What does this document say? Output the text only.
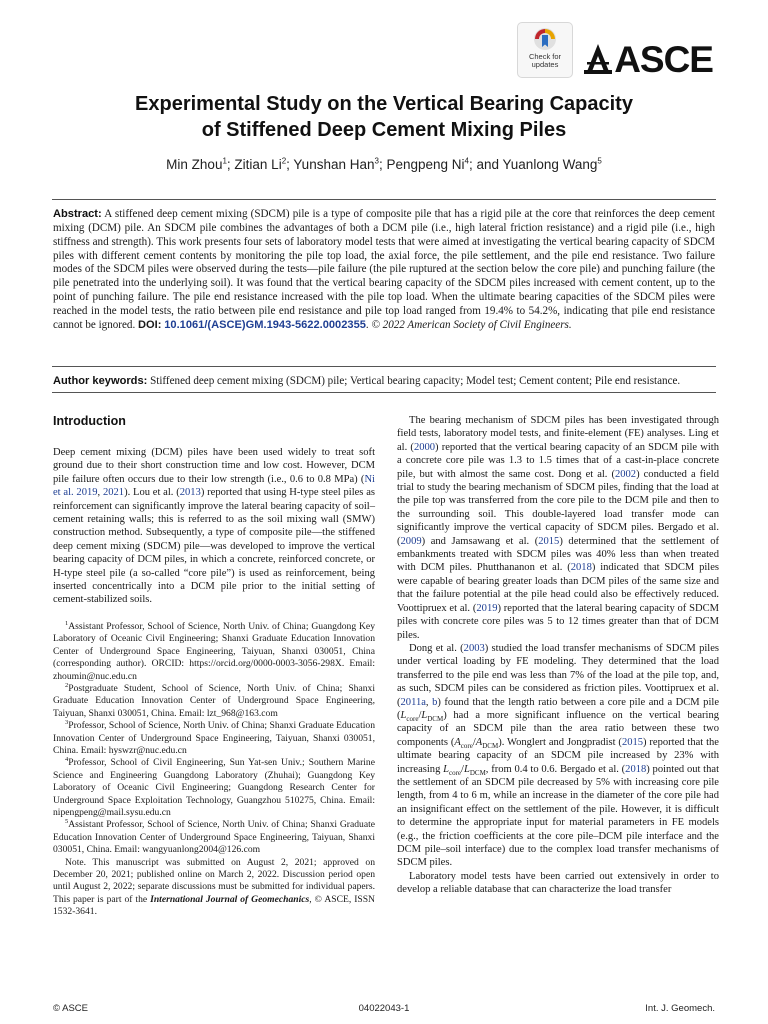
Check for
updates	ASCE
Experimental Study on the Vertical Bearing Capacity
of Stiffened Deep Cement Mixing Piles
Min Zhou$^1$; Zitian Li$^2$; Yunshan Han$^3$; Pengpeng Ni$^4$; and Yuanlong Wang$^5$

Abstract: A stiffened deep cement mixing (SDCM) pile is a type of composite pile that has a rigid pile at the core that reinforces the deep cement mixing (DCM) pile. An SDCM pile combines the advantages of both a DCM pile (i.e., high lateral friction resistance) and a rigid pile (i.e., high stiffness and strength). This work presents four sets of laboratory model tests that were aimed at investigating the vertical bearing capacity of SDCM piles with different cement contents by monitoring the pile top load, the axial force, the pile settlement, and the pile end resistance. Two failure modes of the SDCM piles were observed during the tests—pile failure (the pile ruptured at the section below the core pile) and punching failure (the pile penetrated into the underlying soil). It was found that the vertical bearing capacity of the SDCM piles increased with cement content, up to the point of punching failure. The pile end resistance increased with the pile top load. When the ultimate bearing capacities of the SDCM piles were reached in the model tests, the ratio between pile end resistance and pile top load ranged from 19.4% to 54.2%, indicating that pile end resistance cannot be ignored. DOI: 10.1061/(ASCE)GM.1943-5622.0002355. © 2022 American Society of Civil Engineers.

Author keywords: Stiffened deep cement mixing (SDCM) pile; Vertical bearing capacity; Model test; Cement content; Pile end resistance.

Introduction

Deep cement mixing (DCM) piles have been used widely to treat soft ground due to their short construction time and low cost. However, DCM pile failure often occurs due to their low strength (i.e., 0.6 to 0.8 MPa) (Ni et al. 2019, 2021). Lou et al. (2013) reported that using H-type steel piles as reinforcement can significantly improve the lateral bearing capacity of soil–cement retaining walls; this is referred to as the soil mixing wall (SMW) construction method. Subsequently, a type of composite pile—the stiffened deep cement mixing (SDCM) pile—was developed to improve the vertical bearing capacity of DCM piles, in which a concrete, reinforced concrete, or H-type steel pile (a so-called “core pile”) is used as reinforcement, being inserted concentrically into a DCM pile prior to the initial setting of cement-stabilized soils.

$^1$Assistant Professor, School of Science, North Univ. of China; Guangdong Key Laboratory of Oceanic Civil Engineering; Shanxi Graduate Education Innovation Center of Underground Space Engineering, Taiyuan, Shanxi 030051, China (corresponding author). ORCID: https://orcid.org/0000-0003-3056-298X. Email: zhoumin@nuc.edu.cn

$^2$Postgraduate Student, School of Science, North Univ. of China; Shanxi Graduate Education Innovation Center of Underground Space Engineering, Taiyuan, Shanxi 030051, China. Email: lzt_968@163.com

$^3$Professor, School of Science, North Univ. of China; Shanxi Graduate Education Innovation Center of Underground Space Engineering, Taiyuan, Shanxi 030051, China. Email: hyswzr@nuc.edu.cn

$^4$Professor, School of Civil Engineering, Sun Yat-sen Univ.; Southern Marine Science and Engineering Guangdong Laboratory (Zhuhai); Guangdong Key Laboratory of Oceanic Civil Engineering; Guangdong Research Center for Underground Space Exploitation Technology, Guangzhou 510275, China. Email: nipengpeng@mail.sysu.edu.cn

$^5$Assistant Professor, School of Science, North Univ. of China; Shanxi Graduate Education Innovation Center of Underground Space Engineering, Taiyuan, Shanxi 030051, China. Email: wangyuanlong2004@126.com

Note. This manuscript was submitted on August 2, 2021; approved on December 20, 2021; published online on March 2, 2022. Discussion period open until August 2, 2022; separate discussions must be submitted for individual papers. This paper is part of the International Journal of Geomechanics, © ASCE, ISSN 1532-3641.

The bearing mechanism of SDCM piles has been investigated through field tests, laboratory model tests, and finite-element (FE) analyses. Ling et al. (2000) reported that the vertical bearing capacity of an SDCM pile with a concrete core pile was 1.3 to 1.5 times that of a cast-in-place concrete pile, but with almost the same cost. Dong et al. (2002) conducted a field trial to study the bearing mechanism of SDCM piles, finding that the load at the pile top was transferred from the core pile to the DCM pile and then to the surrounding soil. This double-layered load transfer mode can significantly improve the vertical capacity of SDCM piles. Bergado et al. (2009) and Jamsawang et al. (2015) determined that the settlement of embankments treated with SDCM piles was 40% less than when treated with DCM piles. Phutthananon et al. (2018) indicated that SDCM piles were capable of bearing greater loads than DCM piles of the same size and that the failure potential at the pile head could also be effectively reduced. Voottipruex et al. (2019) reported that the lateral bearing capacity of SDCM piles with concrete core piles was 5 to 12 times greater than that of DCM piles.

Dong et al. (2003) studied the load transfer mechanisms of SDCM piles under vertical loading by FE modeling. They determined that the load transferred to the pile end was less than 7% of the load at the pile top, and, as such, SDCM piles can be considered as friction piles. Voottipruex et al. (2011a, b) found that the length ratio between a core pile and a DCM pile $(L_{core}/L_{DCM})$ had a more significant influence on the vertical bearing capacity of an SDCM pile than the area ratio between these two components $(A_{core}/A_{DCM})$. Wonglert and Jongpradist (2015) reported that the ultimate bearing capacity of an SDCM pile increased by 23% with increasing $L_{core}/L_{DCM}$, from 0.4 to 0.6. Bergado et al. (2018) pointed out that the settlement of an SDCM pile decreased by 5% with increasing core pile length, from 4 to 6 m, while an increase in the diameter of the core pile had an insignificant effect on the settlement of the pile. However, it is difficult to determine the appropriate input for material parameters in FE models (e.g., the friction coefficients at the core pile–DCM pile interface and the DCM pile–soil interface) due to the complex load transfer mechanisms of SDCM piles.

Laboratory model tests have been carried out extensively in order to develop a reliable database that can characterize the load transfer

© ASCE	04022043-1	Int. J. Geomech.
